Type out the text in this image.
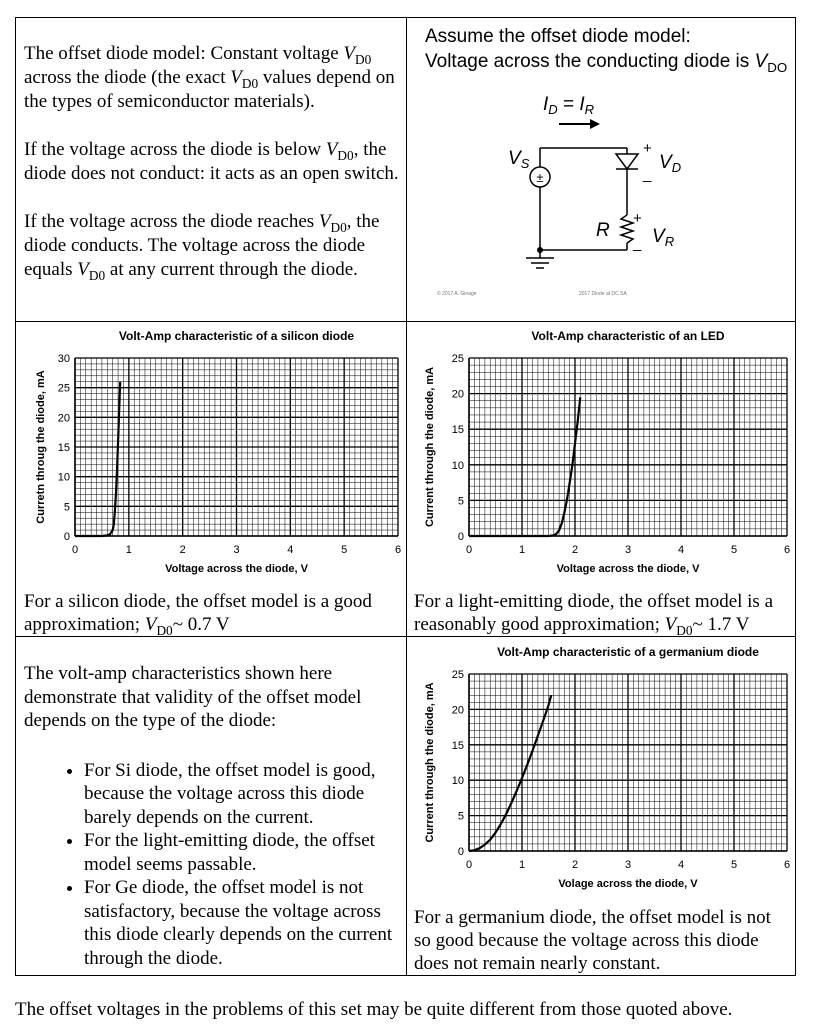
The offset diode model: Constant voltage $V_{D0}$ across the diode (the exact $V_{D0}$ values depend on the types of semiconductor materials).

If the voltage across the diode is below $V_{D0}$, the diode does not conduct: it acts as an open switch.

If the voltage across the diode reaches $V_{D0}$, the diode conducts. The voltage across the diode equals $V_{D0}$ at any current through the diode.

Assume the offset diode model:
Voltage across the conducting diode is $V_{DO}$
$I_D = I_R$
$V_S$
±
+
_
$V_D$
R
+
_ $V_R$
© 2017 A. Ginage	2017 Diode at DC SA
Volt-Amp characteristic of a silicon diode
0	1	2	3	4	5	6
0
5
10
15
20
25
30
Voltage across the diode, V
Curretn throug the diode, mA
Volt-Amp characteristic of an LED
0	1	2	3	4	5	6
0
5
10
15
20
25
Voltage across the diode, V
Current through the diode, mA
Volt-Amp characteristic of a germanium diode
0	1	2	3	4	5	6
0
5
10
15
20
25
Volage across the diode, V
Current through the diode, mA
For a silicon diode, the offset model is a good approximation; $V_{D0}\sim$ 0.7 V
For a light-emitting diode, the offset model is a reasonably good approximation; $V_{D0}\sim$ 1.7 V
For a germanium diode, the offset model is not so good because the voltage across this diode does not remain nearly constant.

The volt-amp characteristics shown here demonstrate that validity of the offset model depends on the type of the diode:

• For Si diode, the offset model is good, because the voltage across this diode barely depends on the current.
• For the light-emitting diode, the offset model seems passable.
• For Ge diode, the offset model is not satisfactory, because the voltage across this diode clearly depends on the current through the diode.
The offset voltages in the problems of this set may be quite different from those quoted above.
